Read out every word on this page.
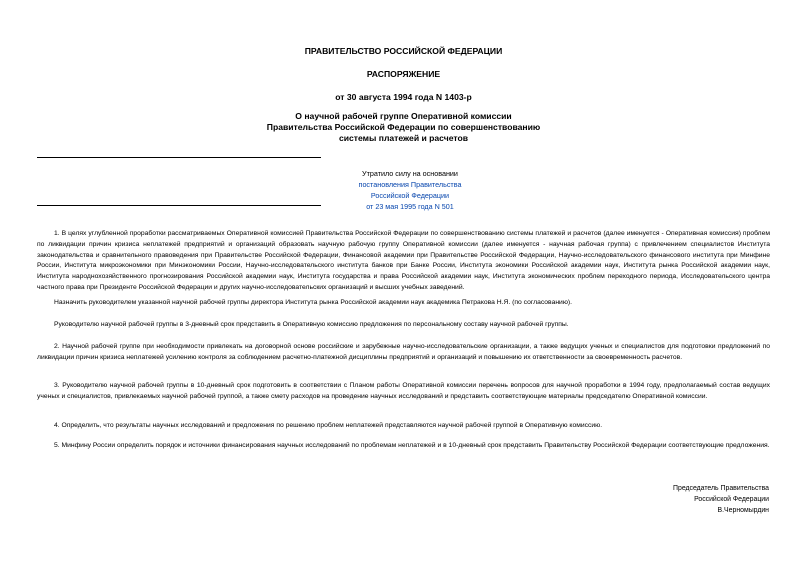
ПРАВИТЕЛЬСТВО РОССИЙСКОЙ ФЕДЕРАЦИИ
РАСПОРЯЖЕНИЕ
от 30 августа 1994 года N 1403-р
О научной рабочей группе Оперативной комиссии
Правительства Российской Федерации по совершенствованию
системы платежей и расчетов
Утратило силу на основании
постановления Правительства Российской Федерации
от 23 мая 1995 года N 501
1. В целях углубленной проработки рассматриваемых Оперативной комиссией Правительства Российской Федерации по совершенствованию системы платежей и расчетов (далее именуется - Оперативная комиссия) проблем по ликвидации причин кризиса неплатежей предприятий и организаций образовать научную рабочую группу Оперативной комиссии (далее именуется - научная рабочая группа) с привлечением специалистов Института законодательства и сравнительного правоведения при Правительстве Российской Федерации, Финансовой академии при Правительстве Российской Федерации, Научно-исследовательского финансового института при Минфине России, Института микроэкономики при Минэкономики России, Научно-исследовательского института банков при Банке России, Института экономики Российской академии наук, Института рынка Российской академии наук, Института народнохозяйственного прогнозирования Российской академии наук, Института государства и права Российской академии наук, Института экономических проблем переходного периода, Исследовательского центра частного права при Президенте Российской Федерации и других научно-исследовательских организаций и высших учебных заведений.
Назначить руководителем указанной научной рабочей группы директора Института рынка Российской академии наук академика Петракова Н.Я. (по согласованию).
Руководителю научной рабочей группы в 3-дневный срок представить в Оперативную комиссию предложения по персональному составу научной рабочей группы.
2. Научной рабочей группе при необходимости привлекать на договорной основе российские и зарубежные научно-исследовательские организации, а также ведущих ученых и специалистов для подготовки предложений по ликвидации причин кризиса неплатежей усилению контроля за соблюдением расчетно-платежной дисциплины предприятий и организаций и повышению их ответственности за своевременность расчетов.
3. Руководителю научной рабочей группы в 10-дневный срок подготовить в соответствии с Планом работы Оперативной комиссии перечень вопросов для научной проработки в 1994 году, предполагаемый состав ведущих ученых и специалистов, привлекаемых научной рабочей группой, а также смету расходов на проведение научных исследований и представить соответствующие материалы председателю Оперативной комиссии.
4. Определить, что результаты научных исследований и предложения по решению проблем неплатежей представляются научной рабочей группой в Оперативную комиссию.
5. Минфину России определить порядок и источники финансирования научных исследований по проблемам неплатежей и в 10-дневный срок представить Правительству Российской Федерации соответствующие предложения.
Председатель Правительства
Российской Федерации
В.Черномырдин
